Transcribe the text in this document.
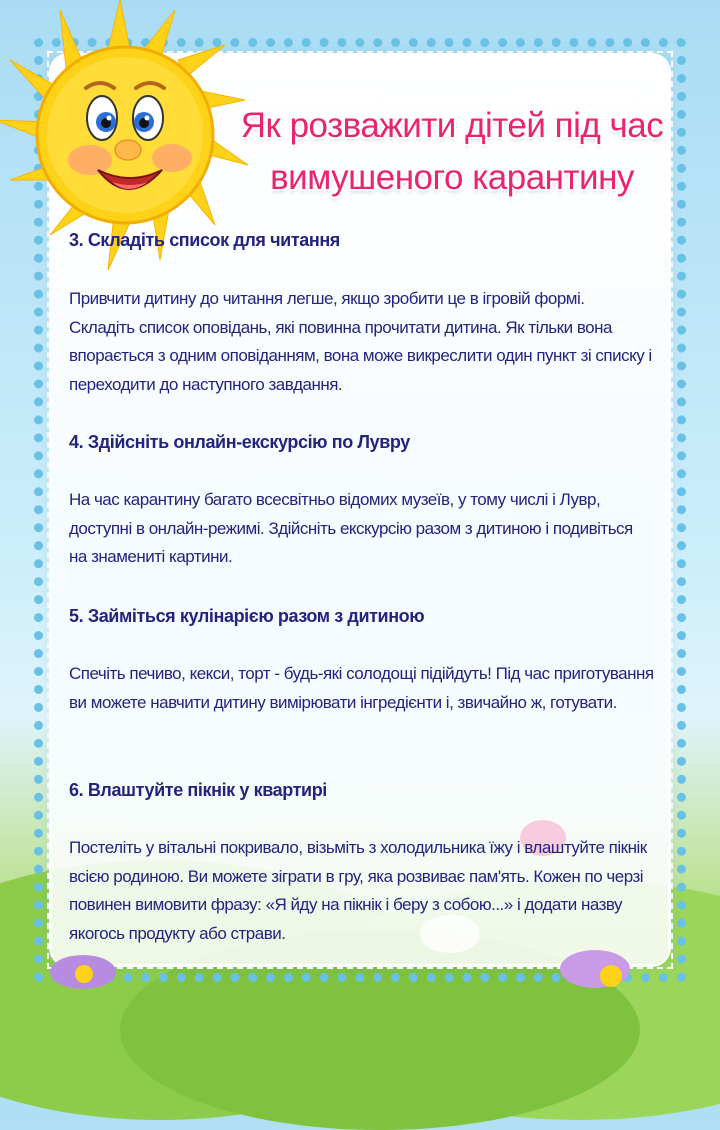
Як розважити дітей під час
вимушеного карантину

3. Складіть список для читання

Привчити дитину до читання легше, якщо зробити це в ігровій формі. Складіть список оповідань, які повинна прочитати дитина. Як тільки вона впорається з одним оповіданням, вона може викреслити один пункт зі списку і переходити до наступного завдання.

4. Здійсніть онлайн-екскурсію по Лувру

На час карантину багато всесвітньо відомих музеїв, у тому числі і Лувр, доступні в онлайн-режимі. Здійсніть екскурсію разом з дитиною і подивіться на знамениті картини.

5. Займіться кулінарією разом з дитиною

Спечіть печиво, кекси, торт - будь-які солодощі підійдуть! Під час приготування ви можете навчити дитину вимірювати інгредієнти і, звичайно ж, готувати.

6. Влаштуйте пікнік у квартирі

Постеліть у вітальні покривало, візьміть з холодильника їжу і влаштуйте пікнік всією родиною. Ви можете зіграти в гру, яка розвиває пам'ять. Кожен по черзі повинен вимовити фразу: «Я йду на пікнік і беру з собою...» і додати назву якогось продукту або страви.
